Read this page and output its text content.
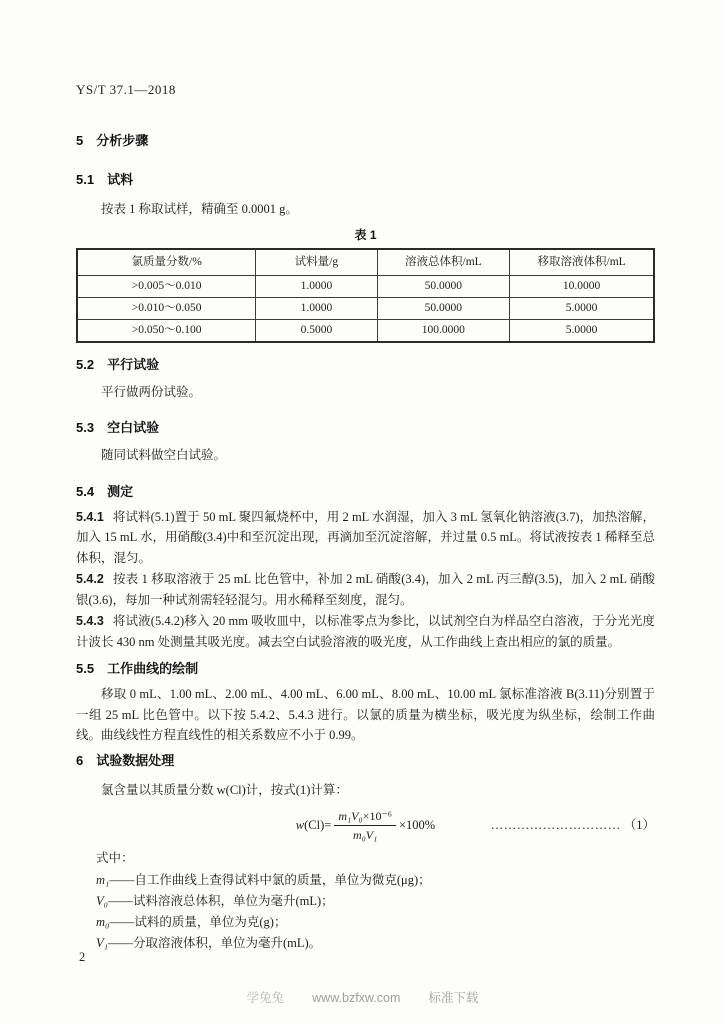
YS/T 37.1—2018
5　分析步骤
5.1　试料

按表 1 称取试样，精确至 0.0001 g。

表 1
氯质量分数/%	试料量/g	溶液总体积/mL	移取溶液体积/mL
>0.005～0.010	1.0000	50.0000	10.0000
>0.010～0.050	1.0000	50.0000	5.0000
>0.050～0.100	0.5000	100.0000	5.0000
5.2　平行试验

平行做两份试验。

5.3　空白试验

随同试料做空白试验。

5.4　测定

5.4.1 将试料(5.1)置于 50 mL 聚四氟烧杯中，用 2 mL 水润湿，加入 3 mL 氢氧化钠溶液(3.7)，加热溶解，加入 15 mL 水，用硝酸(3.4)中和至沉淀出现，再滴加至沉淀溶解，并过量 0.5 mL。将试液按表 1 稀释至总体积，混匀。

5.4.2 按表 1 移取溶液于 25 mL 比色管中，补加 2 mL 硝酸(3.4)，加入 2 mL 丙三醇(3.5)，加入 2 mL 硝酸银(3.6)，每加一种试剂需轻轻混匀。用水稀释至刻度，混匀。

5.4.3 将试液(5.4.2)移入 20 mm 吸收皿中，以标准零点为参比，以试剂空白为样品空白溶液，于分光光度计波长 430 nm 处测量其吸光度。减去空白试验溶液的吸光度，从工作曲线上查出相应的氯的质量。

5.5　工作曲线的绘制

移取 0 mL、1.00 mL、2.00 mL、4.00 mL、6.00 mL、8.00 mL、10.00 mL 氯标准溶液 B(3.11)分别置于一组 25 mL 比色管中。以下按 5.4.2、5.4.3 进行。以氯的质量为横坐标，吸光度为纵坐标，绘制工作曲线。曲线线性方程直线性的相关系数应不小于 0.99。

6　试验数据处理

氯含量以其质量分数 w(Cl)计，按式(1)计算：

$w(Cl)= \frac{\text{m₁V₀×10⁻⁶}}{\text{m₀V₁}} \times 100\%$	………………………… （1）

式中：

m₁——自工作曲线上查得试料中氯的质量，单位为微克(μg)；

V₀——试料溶液总体积，单位为毫升(mL)；

m₀——试料的质量，单位为克(g)；

V₁——分取溶液体积，单位为毫升(mL)。

2
学兔兔 www.bzfxw.com 标准下载
